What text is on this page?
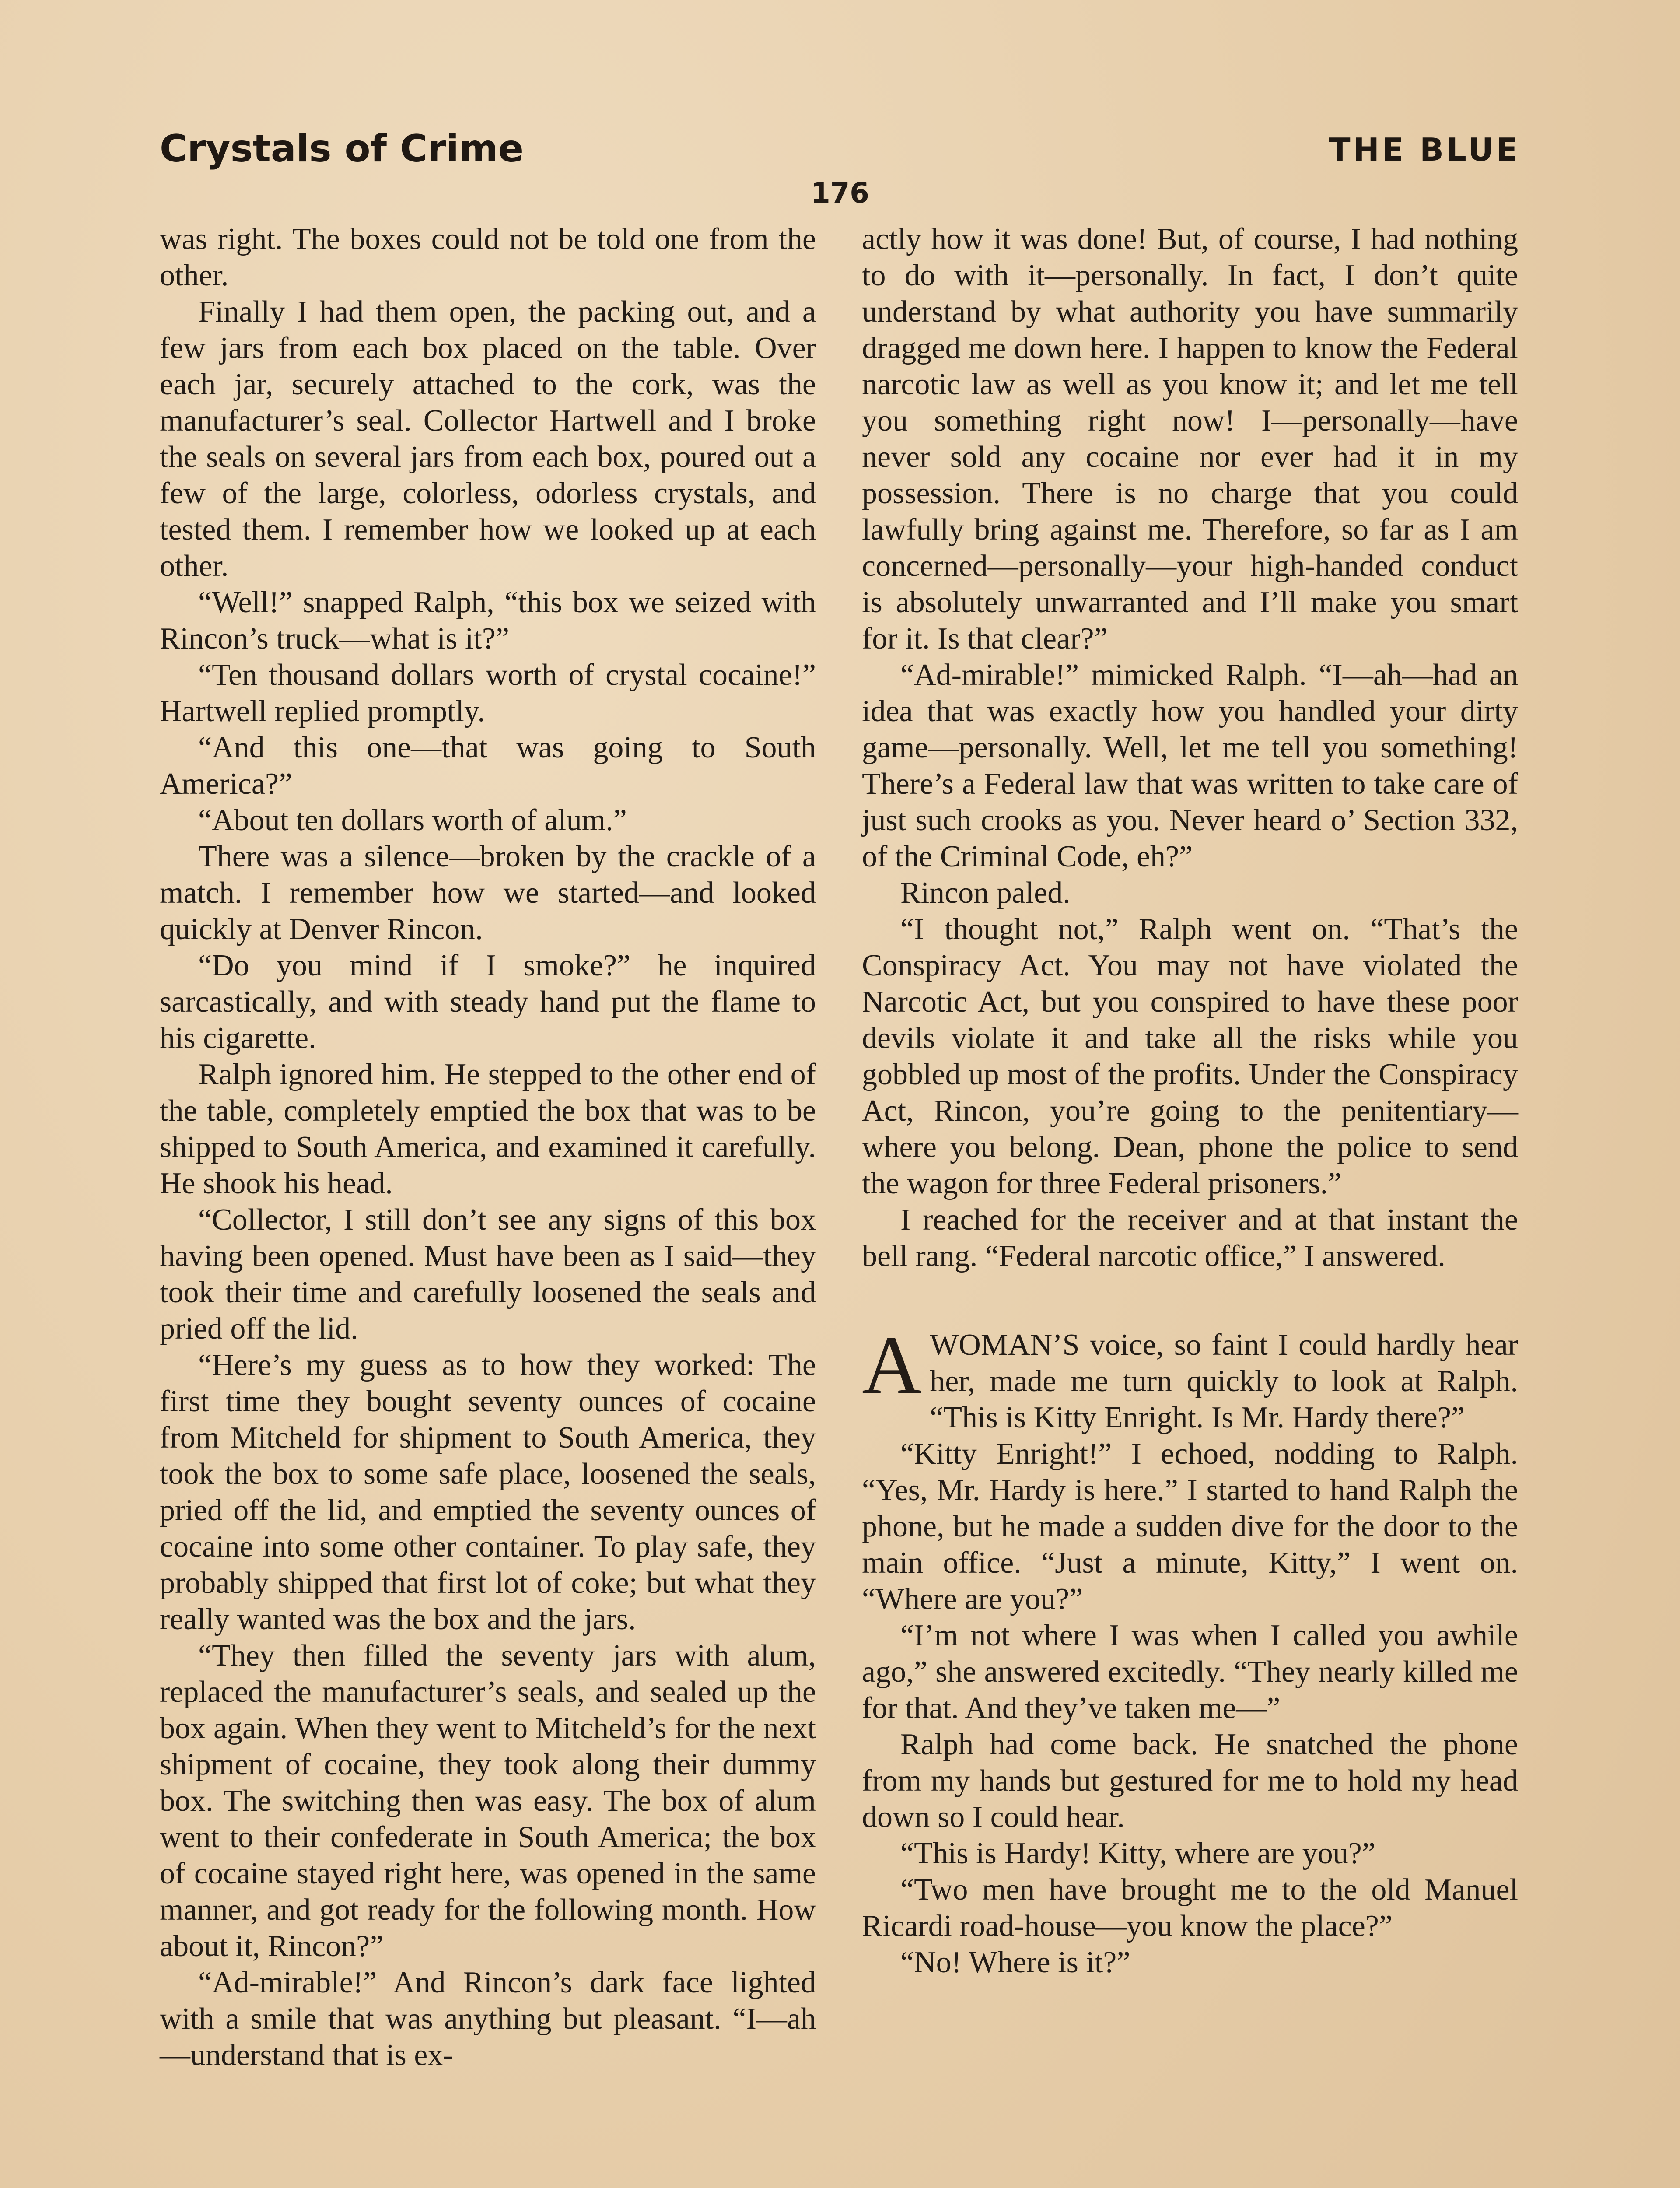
Crystals of Crime	THE BLUE
176

was right. The boxes could not be told one from the other.

Finally I had them open, the packing out, and a few jars from each box placed on the table. Over each jar, securely attached to the cork, was the manufacturer’s seal. Collector Hartwell and I broke the seals on several jars from each box, poured out a few of the large, colorless, odorless crystals, and tested them. I remember how we looked up at each other.

“Well!” snapped Ralph, “this box we seized with Rincon’s truck—what is it?”

“Ten thousand dollars worth of crystal cocaine!” Hartwell replied promptly.

“And this one—that was going to South America?”

“About ten dollars worth of alum.”

There was a silence—broken by the crackle of a match. I remember how we started—and looked quickly at Denver Rincon.

“Do you mind if I smoke?” he inquired sarcastically, and with steady hand put the flame to his cigarette.

Ralph ignored him. He stepped to the other end of the table, completely emptied the box that was to be shipped to South America, and examined it carefully. He shook his head.

“Collector, I still don’t see any signs of this box having been opened. Must have been as I said—they took their time and carefully loosened the seals and pried off the lid.

“Here’s my guess as to how they worked: The first time they bought seventy ounces of cocaine from Mitcheld for shipment to South America, they took the box to some safe place, loosened the seals, pried off the lid, and emptied the seventy ounces of cocaine into some other container. To play safe, they probably shipped that first lot of coke; but what they really wanted was the box and the jars.

“They then filled the seventy jars with alum, replaced the manufacturer’s seals, and sealed up the box again. When they went to Mitcheld’s for the next shipment of cocaine, they took along their dummy box. The switching then was easy. The box of alum went to their confederate in South America; the box of cocaine stayed right here, was opened in the same manner, and got ready for the following month. How about it, Rincon?”

“Ad-mirable!” And Rincon’s dark face lighted with a smile that was anything but pleasant. “I—ah—understand that is ex-

actly how it was done! But, of course, I had nothing to do with it—personally. In fact, I don’t quite understand by what authority you have summarily dragged me down here. I happen to know the Federal narcotic law as well as you know it; and let me tell you something right now! I—personally—have never sold any cocaine nor ever had it in my possession. There is no charge that you could lawfully bring against me. Therefore, so far as I am concerned—personally—your high-handed conduct is absolutely unwarranted and I’ll make you smart for it. Is that clear?”

“Ad-mirable!” mimicked Ralph. “I—ah—had an idea that was exactly how you handled your dirty game—personally. Well, let me tell you something! There’s a Federal law that was written to take care of just such crooks as you. Never heard o’ Section 332, of the Criminal Code, eh?”

Rincon paled.

“I thought not,” Ralph went on. “That’s the Conspiracy Act. You may not have violated the Narcotic Act, but you conspired to have these poor devils violate it and take all the risks while you gobbled up most of the profits. Under the Conspiracy Act, Rincon, you’re going to the penitentiary—where you belong. Dean, phone the police to send the wagon for three Federal prisoners.”

I reached for the receiver and at that instant the bell rang. “Federal narcotic office,” I answered.

AWOMAN’S voice, so faint I could hardly hear her, made me turn quickly to look at Ralph. “This is Kitty Enright. Is Mr. Hardy there?”

“Kitty Enright!” I echoed, nodding to Ralph. “Yes, Mr. Hardy is here.” I started to hand Ralph the phone, but he made a sudden dive for the door to the main office. “Just a minute, Kitty,” I went on. “Where are you?”

“I’m not where I was when I called you awhile ago,” she answered excitedly. “They nearly killed me for that. And they’ve taken me—”

Ralph had come back. He snatched the phone from my hands but gestured for me to hold my head down so I could hear.

“This is Hardy! Kitty, where are you?”

“Two men have brought me to the old Manuel Ricardi road-house—you know the place?”

“No! Where is it?”
